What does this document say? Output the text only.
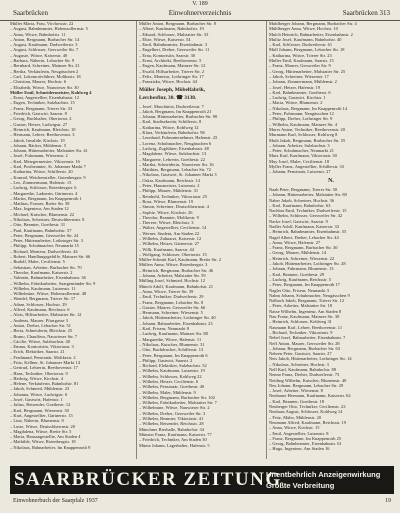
V. 189
Saarbrücken	Einwohnerverzeichnis	Saarbrücken 313
Müller Maria, Frau, Virchowstr. 22
– August, Bahnbeamter, Hohenzollernstr. 5
– Anna, Witwe, Bahnhofstr. 11
– Anton, Bergmann, Burbacher Str. 14
– August, Kaufmann, Dudweilerstr. 3
– August, Schlosser, Gersweiler Str. 7
– Auguste, Witwe, Kaiserstr. 40
– Barbara, Näherin, Lebacher Str. 9
– Bernhard, Schreiner, Mainzer Str. 21
– Bertha, Verkäuferin, Neugässchen 2
– Carl, Lokomotivführer, Moltkestr. 18
– Christian, Maurer, Hochstr. 6
– Elisabeth, Witwe, Nauwieser Str. 30
Müller Emil, Schneidermeister, Kohlweg 4
– Ernst, Angestellter, Eisenbahnstr. 12
– Eugen, Techniker, Sulzbachstr. 15
– Franz, Bergmann, Trierer Str. 33
– Friedrich, Gastwirt, Saarstr. 8
– Georg, Buchhalter, Obertorstr. 2
– Gustav, Heizer, Ludwigstr. 27
– Heinrich, Kaufmann, Bleichstr. 10
– Hermann, Lehrer, Beethovenstr. 3
– Jakob, Invalide, Kirchstr. 19
– Johann, Bäcker, Mühlenstr. 5
– Johann, Hüttenarbeiter, Malstatter Str. 41
– Josef, Fuhrmann, Wiesenstr. 2
– Karl, Metzgermeister, Viktoriastr. 16
– Karl, Postbeamter, St. Johanner Markt 7
– Katharina, Witwe, Schillerstr. 20
– Konrad, Weichensteller, Gutenbergstr. 9
– Leo, Zimmermann, Hafenstr. 13
– Ludwig, Schlosser, Rotenbergstr. 6
– Margarethe, Ladnerin, Gärtnerstr. 4
– Martin, Bergmann, Im Knappenroth 1
– Mathias, Former, Breite Str. 38
– Max, Ingenieur, Am Staden 12
– Michael, Kutscher, Blumenstr. 22
– Nikolaus, Schreiner, Deutschherrnstr. 8
– Otto, Beamter, Goethestr. 31
– Paul, Kaufmann, Bahnhofstr. 57
– Peter, Bergmann, Gersweiler Str. 24
– Peter, Hüttenarbeiter, Lothringer Str. 3
– Philipp, Schuhmacher, Neumarkt 15
– Richard, Monteur, Dudweilerstr. 44
– Robert, Handlungsgehilfe, Mainzer Str. 66
– Rudolf, Maler, Cecilienstr. 5
– Sebastian, Arbeiter, Burbacher Str. 70
– Theodor, Kaufmann, Kaiserstr. 2
– Valentin, Bahnarbeiter, Eisenbahnstr. 36
– Wilhelm, Fabrikarbeiter, Saargemünder Str. 9
– Wilhelm, Kaufmann, Luisenstr. 11
– Wilhelmine, Witwe, Hohenzollernstr. 48
– Wendel, Bergmann, Trierer Str. 17
– Adam, Schlosser, Hochstr. 29
– Alfred, Kaufmann, Reichsstr. 6
– Alois, Hilfsarbeiter, Malstatter Str. 12
– Andreas, Maurer, Pfarrgasse 3
– Anton, Dreher, Lebacher Str. 51
– Berta, Schneiderin, Bleichstr. 25
– Bruno, Chauffeur, Nauwieser Str. 7
– Cäcilie, Witwe, Sulzbachstr. 40
– Emma, Kontoristin, Viktoriastr. 3
– Erich, Elektriker, Saarstr. 21
– Ferdinand, Pensionär, Moltkestr. 2
– Fritz, Kellner, St. Johanner Markt 14
– Gertrud, Lehrerin, Beethovenstr. 17
– Hans, Techniker, Obertorstr. 9
– Hedwig, Witwe, Kirchstr. 4
– Helene, Verkäuferin, Bahnhofstr. 81
– Jakob, Schmied, Mühlenstr. 23
– Johanna, Witwe, Ludwigstr. 6
– Josef, Gastwirt, Hafenstr. 1
– Julius, Reisender, Goethestr. 12
– Karl, Bergmann, Wiesenstr. 30
– Kurt, Angestellter, Gärtnerstr. 15
– Lina, Näherin, Blumenstr. 8
– Luise, Witwe, Deutschherrnstr. 20
– Magdalena, Witwe, Breite Str. 5
– Maria, Hausangestellte, Am Staden 4
– Mathilde, Witwe, Rotenbergstr. 18
– Nikolaus, Bahnarbeiter, Im Knappenroth 9
Müller Anton, Bergmann, Burbacher Str. 8
– Albert, Kaufmann, Bahnhofstr. 19
– Eduard, Schlosser, Malstatter Str. 33
– Elise, Witwe, Kaiserstr. 54
– Emil, Bahnbeamter, Eisenbahnstr. 3
– Engelbert, Dreher, Gersweiler Str. 11
– Erna, Kontoristin, Saarstr. 30
– Ernst, Architekt, Beethovenstr. 5
– Eugen, Kaufmann, Mainzer Str. 12
– Ewald, Hilfsarbeiter, Trierer Str. 2
– Felix, Monteur, Lothringer Str. 17
– Franziska, Witwe, Hochstr. 44
Müller Joseph, Möbelfabrik,
Lerchesflur, 30. ☎ 3138.
– Josef, Maschinist, Dudweilerstr. 7
– Jakob, Bergmann, Im Knappenroth 21
– Johann, Hüttenarbeiter, Burbacher Str. 90
– Karl, Stadtsekretär, Schillerstr. 8
– Katharina, Witwe, Kohlweg 12
– Klara, Verkäuferin, Bahnhofstr. 96
– Leonhard, Fuhrunternehmer, Hafenstr. 25
– Lorenz, Schuhmacher, Neugässchen 6
– Ludwig, Zugführer, Eisenbahnstr. 48
– Magdalene, Witwe, Sulzbachstr. 13
– Margarete, Lehrerin, Goethestr. 22
– Martha, Schneiderin, Nauwieser Str. 16
– Matthias, Bergmann, Lebacher Str. 72
– Nikolaus, Gastwirt, St. Johanner Markt 3
– Oskar, Kaufmann, Reichsstr. 14
– Peter, Hausmeister, Luisenstr. 2
– Philipp, Maurer, Mühlenstr. 31
– Reinhold, Techniker, Viktoriastr. 25
– Rosa, Witwe, Blumenstr. 19
– Simon, Schreiner, Deutschherrnstr. 4
– Sophie, Witwe, Kirchstr. 26
– Theodor, Beamter, Moltkestr. 9
– Therese, Witwe, Bleichstr. 3
– Walter, Angestellter, Cecilienstr. 14
– Werner, Student, Am Staden 22
– Wilhelm, Zahnarzt, Kaiserstr. 12
– Wilhelm, Heizer, Gärtnerstr. 27
– Willi, Kaufmann, Saarstr. 44
– Wolfgang, Schlosser, Obertorstr. 15
Müller-Schmitt Karl, Kaufmann, Breite Str. 2
Müllers Anna, Witwe, Rotenbergstr. 3
– Heinrich, Bergmann, Burbacher Str. 46
– Johann, Arbeiter, Malstatter Str. 59
Mülling Josef, Schmied, Hochstr. 12
Münch Adolf, Kaufmann, Bahnhofstr. 21
– Anna, Witwe, Trierer Str. 39
– Emil, Techniker, Dudweilerstr. 29
– Franz, Bergmann, Lebacher Str. 8
– Gustav, Maurer, Gersweiler Str. 66
– Hermann, Schreiner, Wiesenstr. 5
– Jakob, Hüttenarbeiter, Lothringer Str. 40
– Johann, Bahnarbeiter, Eisenbahnstr. 23
– Karl, Friseur, Neumarkt 8
– Ludwig, Kaufmann, Mainzer Str. 88
– Margarethe, Witwe, Hafenstr. 11
– Nikolaus, Kutscher, Blumenstr. 31
– Otto, Buchdrucker, Schillerstr. 13
– Peter, Bergmann, Im Knappenroth 6
– Philipp, Gastwirt, Saarstr. 2
– Richard, Elektriker, Sulzbachstr. 52
– Wilhelm, Kaufmann, Luisenstr. 19
– Wilhelm, Schlosser, Kohlweg 22
– Wilhelm, Heizer, Cecilienstr. 6
– Wilhelm, Pensionär, Goethestr. 40
– Wilhelm, Maler, Mühlenstr. 9
– Wilhelm, Bergmann, Burbacher Str. 102
– Wilhelm, Fabrikarbeiter, Malstatter Str. 7
– Wilhelmine, Witwe, Nauwieser Str. 2
– Wilhelm, Dreher, Gersweiler Str. 3
– Wilhelm, Beamter, Viktoriastr. 41
– Wilhelm, Reisender, Reichsstr. 28
Münchner Bierhalle, Bahnhofstr. 34
Münster Franz, Kaufmann, Kaiserstr. 77
– Friedrich, Techniker, Am Staden 30
Müntz Johann, Lagerhalter, Hafenstr. 5
Muhlberger Johann, Bergmann, Burbacher Str. 4
Mühlberger Anna, Witwe, Hochstr. 10
Mulch Heinrich, Bahnarbeiter, Eisenbahnstr. 2
Mulitz Josef, Kaufmann, Bahnhofstr. 40
– Karl, Schlosser, Dudweilerstr. 61
Mull Johann, Bergmann, Lebacher Str. 18
– Katharina, Witwe, Trierer Str. 23
Muller Emil, Kaufmann, Saarstr. 15
– Franz, Maurer, Gersweiler Str. 9
– Georg, Hüttenarbeiter, Malstatter Str. 25
– Jakob, Schreiner, Wiesenstr. 17
– Johann, Zimmermann, Mühlenstr. 2
– Josef, Heizer, Hafenstr. 19
– Karl, Bahnbeamter, Goethestr. 6
– Ludwig, Gastwirt, Kirchstr. 1
– Maria, Witwe, Blumenstr. 2
– Nikolaus, Bergmann, Im Knappenroth 14
– Peter, Fuhrmann, Neugässchen 12
– Philipp, Dreher, Lothringer Str. 9
– Wilhelm, Kaufmann, Mainzer Str. 4
Murer Anton, Techniker, Beethovenstr. 20
Murmann Karl, Schlosser, Kohlweg 8
Muth Jakob, Bergmann, Burbacher Str. 55
– Johann, Arbeiter, Sulzbachstr. 3
– Peter, Schuhmacher, Neumarkt 21
Mutz Karl, Kaufmann, Viktoriastr. 30
Muy Josef, Maler, Cecilienstr. 18
Myller Franz, Angestellter, Schillerstr. 33
– Johann, Pensionär, Luisenstr. 27
N.
Naab Peter, Bergmann, Trierer Str. 50
– Johann, Hüttenarbeiter, Malstatter Str. 80
Naber Jakob, Schreiner, Hochstr. 36
– Karl, Kaufmann, Bahnhofstr. 63
Nachbar Emil, Techniker, Dudweilerstr. 15
– Wilhelm, Schlosser, Gersweiler Str. 42
Nacke Josef, Gastwirt, Saarstr. 9
Nadler Adolf, Kaufmann, Kaiserstr. 33
– Heinrich, Bahnbeamter, Eisenbahnstr. 55
Nagel Albert, Dreher, Lebacher Str. 44
– Anna, Witwe, Hafenstr. 27
– Franz, Bergmann, Burbacher Str. 30
– Georg, Maurer, Mühlenstr. 14
– Heinrich, Schreiner, Wiesenstr. 22
– Jakob, Hüttenarbeiter, Lothringer Str. 28
– Johann, Fuhrmann, Blumenstr. 13
– Karl, Beamter, Goethestr. 29
– Ludwig, Kaufmann, Reichsstr. 5
– Peter, Bergmann, Im Knappenroth 17
Nagler Otto, Friseur, Neumarkt 3
Nahm Johann, Schuhmacher, Neugässchen 9
Nalbach Jakob, Bergmann, Trierer Str. 12
– Peter, Arbeiter, Malstatter Str. 18
Nasse Wilhelm, Ingenieur, Am Staden 8
Nau Franz, Kaufmann, Mainzer Str. 30
– Heinrich, Schlosser, Kohlweg 31
Naumann Karl, Lehrer, Beethovenstr. 11
– Richard, Techniker, Viktoriastr. 9
Nebel Josef, Bahnarbeiter, Eisenbahnstr. 7
Neff Anton, Maurer, Gersweiler Str. 28
– Johann, Bergmann, Burbacher Str. 63
Nehren Peter, Gastwirt, Saarstr. 27
Neis Jakob, Hüttenarbeiter, Lothringer Str. 14
– Nikolaus, Schreiner, Hochstr. 3
Nell Karl, Kaufmann, Bahnhofstr. 88
Nenno Franz, Dreher, Dudweilerstr. 73
Nettling Wilhelm, Kutscher, Blumenstr. 40
Neu Johann, Bergmann, Lebacher Str. 29
– Josef, Arbeiter, Wiesenstr. 8
Neubauer Hermann, Kaufmann, Kaiserstr. 62
– Karl, Beamter, Goethestr. 18
Neuberger Otto, Techniker, Cecilienstr. 23
Neuhaus August, Schlosser, Kohlweg 14
– Fritz, Maler, Mühlenstr. 20
Neumann Alfred, Kaufmann, Reichsstr. 19
– Anna, Witwe, Kirchstr. 15
– Emil, Angestellter, Luisenstr. 8
– Franz, Bergmann, Im Knappenroth 25
– Georg, Bahnbeamter, Eisenbahnstr. 61
– Hugo, Ingenieur, Am Staden 16
SAARBRÜCKER ZEITUNG
Unentbehrlich Anzeigenwirkung
Größte Verbreitung
Einwohnerbuch der Saarpfalz 1937	19
